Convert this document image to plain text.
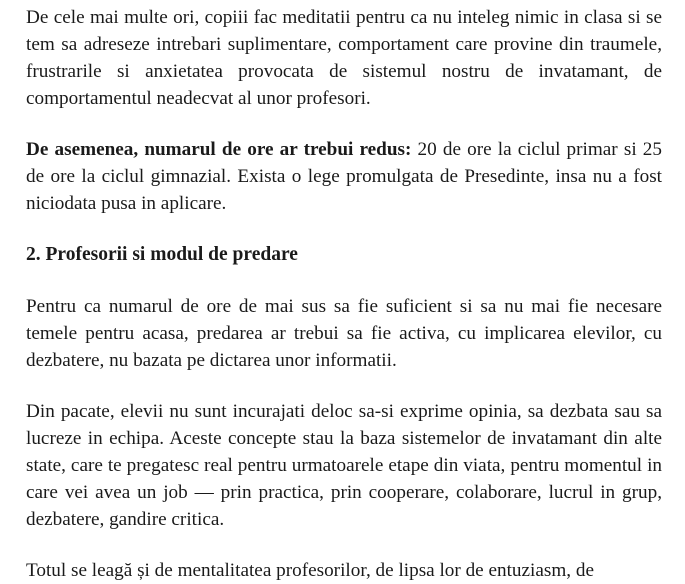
De cele mai multe ori, copiii fac meditatii pentru ca nu inteleg nimic in clasa si se tem sa adreseze intrebari suplimentare, comportament care provine din traumele, frustrarile si anxietatea provocata de sistemul nostru de invatamant, de comportamentul neadecvat al unor profesori.

De asemenea, numarul de ore ar trebui redus: 20 de ore la ciclul primar si 25 de ore la ciclul gimnazial. Exista o lege promulgata de Presedinte, insa nu a fost niciodata pusa in aplicare.

2. Profesorii si modul de predare

Pentru ca numarul de ore de mai sus sa fie suficient si sa nu mai fie necesare temele pentru acasa, predarea ar trebui sa fie activa, cu implicarea elevilor, cu dezbatere, nu bazata pe dictarea unor informatii.

Din pacate, elevii nu sunt incurajati deloc sa-si exprime opinia, sa dezbata sau sa lucreze in echipa. Aceste concepte stau la baza sistemelor de invatamant din alte state, care te pregatesc real pentru urmatoarele etape din viata, pentru momentul in care vei avea un job — prin practica, prin cooperare, colaborare, lucrul in grup, dezbatere, gandire critica.

Totul se leagă și de mentalitatea profesorilor, de lipsa lor de entuziasm, de
